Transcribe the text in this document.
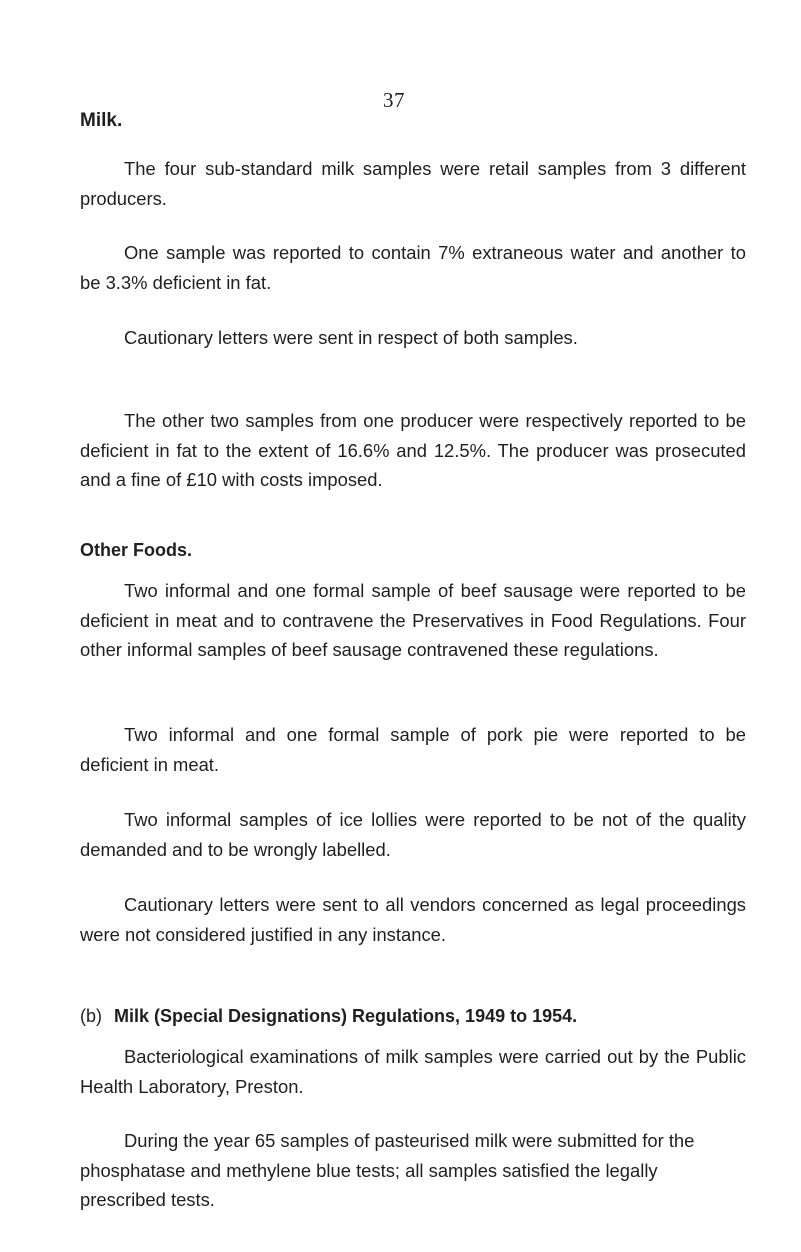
37
Milk.

The four sub-standard milk samples were retail samples from 3 different producers.

One sample was reported to contain 7% extraneous water and another to be 3.3% deficient in fat.

Cautionary letters were sent in respect of both samples.

The other two samples from one producer were respectively reported to be deficient in fat to the extent of 16.6% and 12.5%. The producer was prosecuted and a fine of £10 with costs imposed.

Other Foods.

Two informal and one formal sample of beef sausage were reported to be deficient in meat and to contravene the Preservatives in Food Regulations. Four other informal samples of beef sausage contravened these regulations.

Two informal and one formal sample of pork pie were reported to be deficient in meat.

Two informal samples of ice lollies were reported to be not of the quality demanded and to be wrongly labelled.

Cautionary letters were sent to all vendors concerned as legal proceedings were not considered justified in any instance.

(b) Milk (Special Designations) Regulations, 1949 to 1954.

Bacteriological examinations of milk samples were carried out by the Public Health Laboratory, Preston.

During the year 65 samples of pasteurised milk were submitted for the phosphatase and methylene blue tests; all samples satisfied the legally prescribed tests.
